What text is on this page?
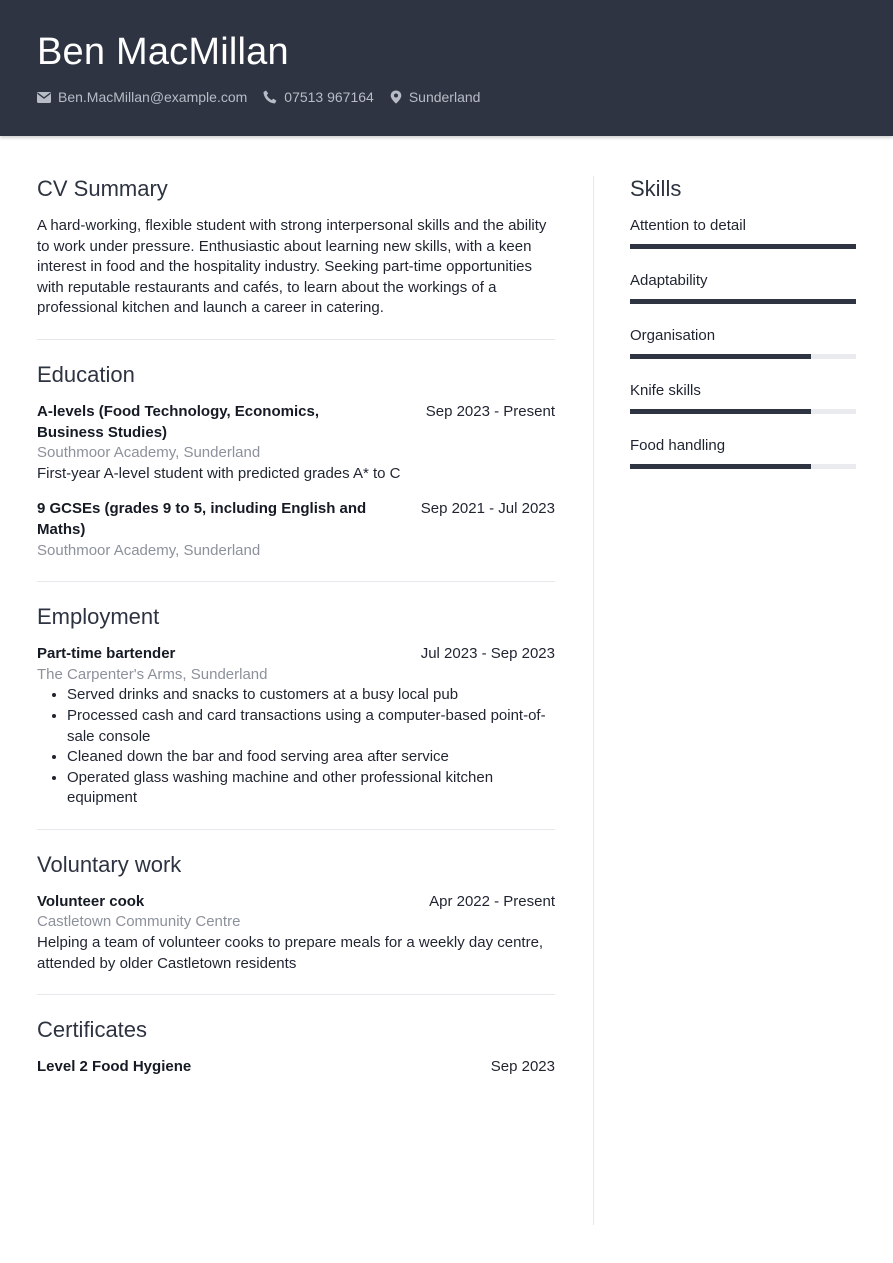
Ben MacMillan
Ben.MacMillan@example.com	07513 967164	Sunderland
CV Summary

A hard-working, flexible student with strong interpersonal skills and the ability to work under pressure. Enthusiastic about learning new skills, with a keen interest in food and the hospitality industry. Seeking part-time opportunities with reputable restaurants and cafés, to learn about the workings of a professional kitchen and launch a career in catering.

Education
A-levels (Food Technology, Economics, Business Studies)
Sep 2023 - Present
Southmoor Academy, Sunderland

First-year A-level student with predicted grades A* to C

9 GCSEs (grades 9 to 5, including English and Maths)
Sep 2021 - Jul 2023
Southmoor Academy, Sunderland
Employment
Part-time bartender	Jul 2023 - Sep 2023
The Carpenter's Arms, Sunderland
• Served drinks and snacks to customers at a busy local pub
• Processed cash and card transactions using a computer-based point-of-sale console
• Cleaned down the bar and food serving area after service
• Operated glass washing machine and other professional kitchen equipment
Voluntary work
Volunteer cook	Apr 2022 - Present
Castletown Community Centre

Helping a team of volunteer cooks to prepare meals for a weekly day centre, attended by older Castletown residents

Certificates
Level 2 Food Hygiene	Sep 2023
Skills
Attention to detail
Adaptability
Organisation
Knife skills
Food handling
